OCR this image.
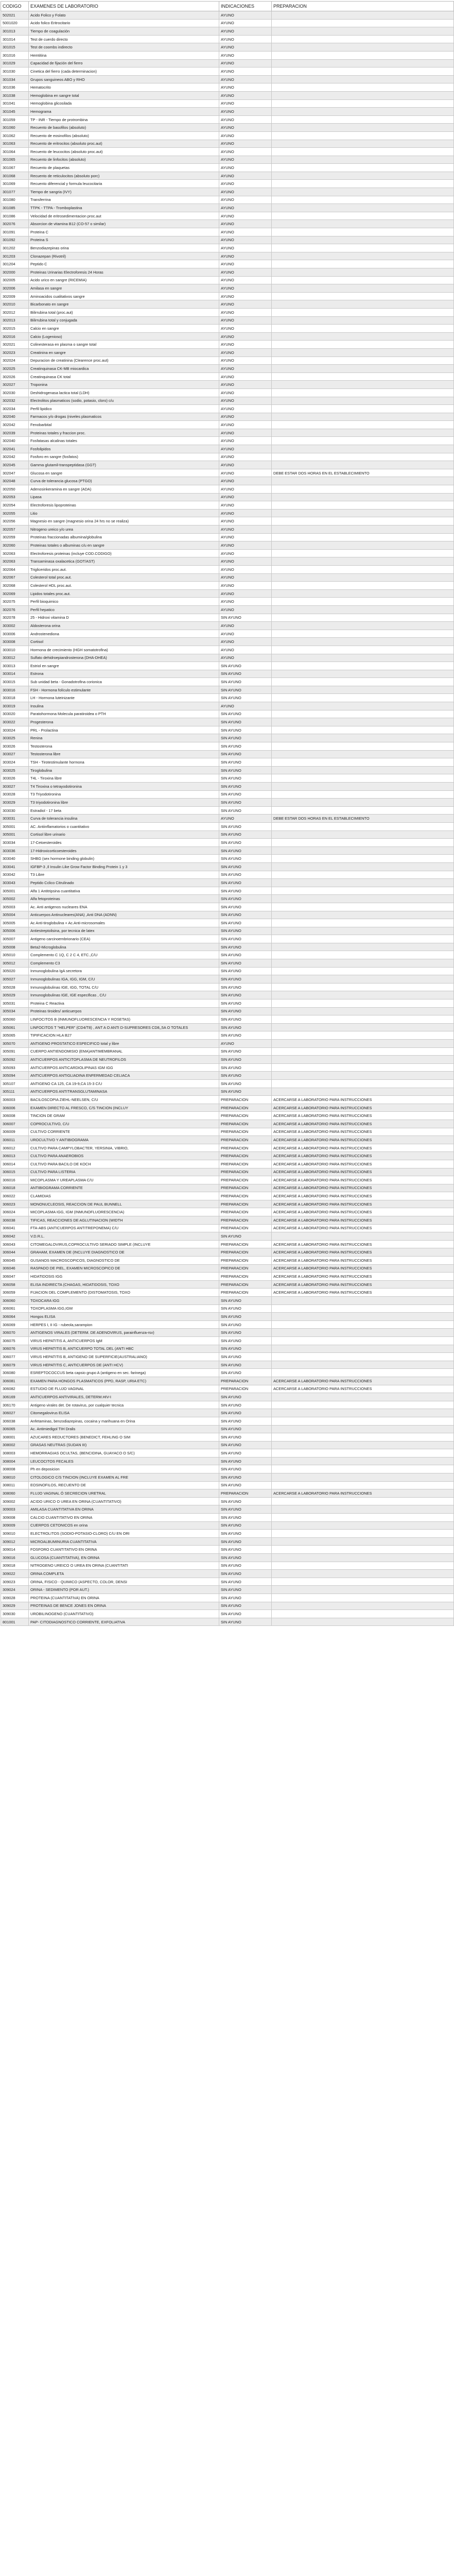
CODIGO	EXAMENES DE LABORATORIO	INDICACIONES	PREPARACION
502021	Acido Folico y Folato	AYUNO	
5001020	Acido folico Eritrocitario	AYUNO	
301013	Tiempo de coagulación	AYUNO	
301014	Test de cuerdo directo	AYUNO	
301015	Test de coombs indirecto	AYUNO	
301016	Hemtitina	AYUNO	
301029	Capacidad de fijación del fierro	AYUNO	
301030	Cinetica del fierro (cada determinacion)	AYUNO	
301034	Grupos sanguineos ABO y RHO	AYUNO	
301036	Hematocrito	AYUNO	
301038	Hemoglobina en sangre total	AYUNO	
301041	Hemoglobina glicosilada	AYUNO	
301045	Hemograma	AYUNO	
301059	TP - INR - Tiempo de protrombina	AYUNO	
301060	Recuento de basofilos (absoluto)	AYUNO	
301062	Recuento de eosinofilos (absoluto)	AYUNO	
301063	Recuento de eritrocitos (absoluto proc.aut)	AYUNO	
301064	Recuento de leucocitos (absoluto proc.aut)	AYUNO	
301065	Recuento de linfocitos (absoluto)	AYUNO	
301067	Recuento de plaquetas	AYUNO	
301068	Recuento de reticulocitos (absoluto porc)	AYUNO	
301069	Recuento diferencial y formula leucocitaria	AYUNO	
301077	Tiempo de sangria (IVY)	AYUNO	
301080	Transferrina	AYUNO	
301085	TTPK - TTPA - Tromboplastina	AYUNO	
301086	Velocidad de eritrosedimentacion proc.aut	AYUNO	
302076	Absorcion de vitamina B12 (CO-57 o similar)	AYUNO	
301091	Proteina C	AYUNO	
301092	Proteina S	AYUNO	
301202	Benzodiazepinas orina	AYUNO	
301203	Clonazepan (Rivotril)	AYUNO	
301204	Peptido C	AYUNO	
302000	Proteinas Urinarias Electroforesis 24 Horas	AYUNO	
302005	Acido urico en sangre (RICEMIA)	AYUNO	
302006	Amilasa en sangre	AYUNO	
302009	Aminoacidos cualitativos sangre	AYUNO	
302010	Bicarbonato en sangre	AYUNO	
302012	Bilirrubina total (proc.aut)	AYUNO	
302013	Bilirrubina total y conjugada	AYUNO	
302015	Calcio en sangre	AYUNO	
302016	Calcio (Logenioso)	AYUNO	
302021	Colinesterasa en plasma o sangre total	AYUNO	
302023	Creatinina en sangre	AYUNO	
302024	Depuracion de creatinina (Clearence proc.aut)	AYUNO	
302025	Creatinquinasa CK-MB miocardica	AYUNO	
302026	Creatinquinasa CK total	AYUNO	
302027	Troponina	AYUNO	
302030	Deshidrogenasa lactica total (LDH)	AYUNO	
302032	Electrolitos plasmaticos (sodio, potasio, cloro) c/u	AYUNO	
302034	Perfil lipidico	AYUNO	
302040	Farmacos y/o drogas (niveles plasmaticos	AYUNO	
302042	Fenobarbital	AYUNO	
302039	Proteinas totales y fraccion proc.	AYUNO	
302040	Fosfatasas alcalinas totales	AYUNO	
302041	Fosfolipidos	AYUNO	
302042	Fosforo en sangre (fosfatos)	AYUNO	
302045	Gamma glutamil-transpeptidasa (GGT)	AYUNO	
302047	Glucosa en sangre	AYUNO	DEBE ESTAR DOS HORAS EN EL ESTABLECIMIENTO
302048	Curva de tolerancia glucosa (PTGO)	AYUNO	
302050	Adenosinkeramina en sangre (ADA)	AYUNO	
302053	Lipasa	AYUNO	
302054	Electroforesis lipoproteinas	AYUNO	
302055	Litio	AYUNO	
302056	Magnesio en sangre (magnesio orina 24 hrs no se realiza)	AYUNO	
302057	Nitrogeno ureico y/o urea	AYUNO	
302059	Proteinas fraccionadas albumina/globulina	AYUNO	
302060	Proteinas totales o albuminas c/u en sangre	AYUNO	
302063	Electroforesis proteinas (incluye COD.CODIGO)	AYUNO	
302063	Transaminasa oxalacetica (GOT/AST)	AYUNO	
302064	Trigliceridos proc.aut.	AYUNO	
302067	Colesterol total proc.aut.	AYUNO	
302068	Colesterol HDL proc.aut.	AYUNO	
302069	Lipidos totales proc.aut.	AYUNO	
302075	Perfil bioquimico	AYUNO	
302076	Perfil hepatico	AYUNO	
302078	25 - Hidroxi vitamina D	SIN AYUNO	
303002	Aldosterona orina	AYUNO	
303006	Androstenediona	AYUNO	
303008	Cortisol	AYUNO	
303010	Hormona de crecimiento (HGH somatotrofina)	AYUNO	
303012	Sulfato dehidroepiandrosterona (DHA-DHEA)	AYUNO	
303013	Estriol en sangre	SIN AYUNO	
303014	Estrona	SIN AYUNO	
303015	Sub unidad beta - Gonadotrofina corionica	SIN AYUNO	
303016	FSH - Hormona folículo estimulante	SIN AYUNO	
303018	LH - Hormona luteinizante	SIN AYUNO	
303019	Insulina	AYUNO	
303020	Paratohormona Molecula paratiroidea o PTH	SIN AYUNO	
303022	Progesterona	SIN AYUNO	
303024	PRL - Prolactina	SIN AYUNO	
303025	Renina	SIN AYUNO	
303026	Testosterona	SIN AYUNO	
303027	Testosterona libre	SIN AYUNO	
303024	TSH - Tirotestimulante hormona	SIN AYUNO	
303025	Tiroglobulina	SIN AYUNO	
303026	T4L - Tiroxina libre	SIN AYUNO	
303027	T4 Tiroxina o tetrayodotironina	SIN AYUNO	
303028	T3 Triyodotironina	SIN AYUNO	
303029	T3 triyodotironina libre	SIN AYUNO	
303030	Estradiol - 17 beta	SIN AYUNO	
303031	Curva de tolerancia insulina	AYUNO	DEBE ESTAR DOS HORAS EN EL ESTABLECIMIENTO
305001	AC. Antiinflamatorios o cuantitativo	SIN AYUNO	
305001	Cortisol libre urinario	SIN AYUNO	
303034	17-Cetoesteroides	SIN AYUNO	
303036	17-Hidroxicorticoesteroides	SIN AYUNO	
303040	SHBG (sex hormone binding globulin)	SIN AYUNO	
303041	IGFBP-3 ,Il Insulin Like Grow Factor Binding Protein 1 y 3	SIN AYUNO	
303042	T3 Libre	SIN AYUNO	
303043	Peptido Cclico Citrulinado	SIN AYUNO	
305001	Alfa 1 Antitripsina cuantitativa	SIN AYUNO	
305002	Alfa fetoproteinas	SIN AYUNO	
305003	Ac. Anti antigenos nucleares ENA	SIN AYUNO	
305004	Anticuerpos Antinucleares(ANA) ,Anti DNA (ADNN)	SIN AYUNO	
305005	Ac Anti-tiroglobulina + Ac.Anti-microsomales	SIN AYUNO	
305006	Antiestreptolisina, por tecnica de latex	SIN AYUNO	
305007	Antigeno carcinoembrionario (CEA)	SIN AYUNO	
305008	Beta2-Microglobulina	SIN AYUNO	
305010	Complemento C 1Q, C 2 C 4, ETC.,C/U	SIN AYUNO	
305012	Complemento C3	SIN AYUNO	
305020	Inmunoglobulina IgA secretora	SIN AYUNO	
305027	Inmunoglobulinas IGA, IGG, IGM, C/U	SIN AYUNO	
305028	Inmunoglobulinas IGE, IGG, TOTAL C/U	SIN AYUNO	
305029	Inmunoglobulinas IGE, IGE especificas , C/U	SIN AYUNO	
305031	Proteina C Reactiva	SIN AYUNO	
305034	Proteinas tiroides/ anticuerpos	SIN AYUNO	
305060	LINFOCITOS B (INMUNOFLUORESCENCIA Y ROSETAS)	SIN AYUNO	
305061	LINFOCITOS T "HELPER" (CD4/T8) , ANT A O ANTI D-SUPRESORES CD8,,5A O TOTALES	SIN AYUNO	
305065	TIPIFICACION HLA B27	SIN AYUNO	
305070	ANTIGENO PROSTATICO ESPECIFICO total y libre	AYUNO	
305091	CUERPO ANTIENDOMISIO (EMA)ANTIMEMBRANAL	SIN AYUNO	
305092	ANTICUERPOS ANTICITOPLASMA DE NEUTROFILOS	SIN AYUNO	
305093	ANTICUERPOS ANTICARDIOLIPINAS IGM IGG	SIN AYUNO	
305094	ANTICUERPOS ANTIGLIADINA ENFERMEDAD CELIACA	SIN AYUNO	
305107	ANTIGENO CA 125, CA 19-9,CA 15-3 C/U	SIN AYUNO	
305111	ANTICUERPOS ANTITRANSGLUTAMINASA	SIN AYUNO	
306003	BACILOSCOPIA ZIEHL-NEELSEN, C/U	PREPARACION	ACERCARSE A LABORATORIO PARA INSTRUCCIONES
306006	EXAMEN DIRECTO AL FRESCO, C/S TINCION (INCLUY	PREPARACION	ACERCARSE A LABORATORIO PARA INSTRUCCIONES
306008	TINCION DE GRAM	PREPARACION	ACERCARSE A LABORATORIO PARA INSTRUCCIONES
306007	COPROCULTIVO, C/U	PREPARACION	ACERCARSE A LABORATORIO PARA INSTRUCCIONES
306009	CULTIVO CORRIENTE	PREPARACION	ACERCARSE A LABORATORIO PARA INSTRUCCIONES
306011	UROCULTIVO Y ANTIBIOGRAMA	PREPARACION	ACERCARSE A LABORATORIO PARA INSTRUCCIONES
306012	CULTIVO PARA CAMPYLOBACTER, YERSINIA, VIBRIO,	PREPARACION	ACERCARSE A LABORATORIO PARA INSTRUCCIONES
306013	CULTIVO PARA ANAEROBIOS	PREPARACION	ACERCARSE A LABORATORIO PARA INSTRUCCIONES
306014	CULTIVO PARA BACILO DE KOCH	PREPARACION	ACERCARSE A LABORATORIO PARA INSTRUCCIONES
306015	CULTIVO PARA LISTERIA	PREPARACION	ACERCARSE A LABORATORIO PARA INSTRUCCIONES
306016	MICOPLASMA Y UREAPLASMA C/U	PREPARACION	ACERCARSE A LABORATORIO PARA INSTRUCCIONES
306018	ANTIBIOGRAMA CORRIENTE	PREPARACION	ACERCARSE A LABORATORIO PARA INSTRUCCIONES
306022	CLAMIDIAS	PREPARACION	ACERCARSE A LABORATORIO PARA INSTRUCCIONES
306023	MONONUCLEOSIS, REACCION DE PAUL BUNNELL	PREPARACION	ACERCARSE A LABORATORIO PARA INSTRUCCIONES
306024	MICOPLASMA IGG, IGM (INMUNOFLUORESCENCIA)	PREPARACION	ACERCARSE A LABORATORIO PARA INSTRUCCIONES
306038	TIFICAS, REACCIONES DE AGLUTINACION (WIDTH	PREPARACION	ACERCARSE A LABORATORIO PARA INSTRUCCIONES
306041	FTA-ABS (ANTICUERPOS ANTITREPONEMA) C/U	PREPARACION	ACERCARSE A LABORATORIO PARA INSTRUCCIONES
306042	V.D.R.L.	SIN AYUNO	
306043	CITOMEGALOVIRUS,COPROCULTIVO SERIADO SIMPLE (INCLUYE	PREPARACION	ACERCARSE A LABORATORIO PARA INSTRUCCIONES
306044	GRAHAM, EXAMEN DE (INCLUYE DIAGNOSTICO DE	PREPARACION	ACERCARSE A LABORATORIO PARA INSTRUCCIONES
306045	GUSANOS MACROSCOPICOS, DIAGNOSTICO DE	PREPARACION	ACERCARSE A LABORATORIO PARA INSTRUCCIONES
306046	RASPADO DE PIEL, EXAMEN MICROSCOPICO DE	PREPARACION	ACERCARSE A LABORATORIO PARA INSTRUCCIONES
306047	HIDATIDOSIS IGG	PREPARACION	ACERCARSE A LABORATORIO PARA INSTRUCCIONES
306058	ELISA INDIRECTA (CHAGAS, HIDATIDOSIS, TOXO	PREPARACION	ACERCARSE A LABORATORIO PARA INSTRUCCIONES
306059	FIJACION DEL COMPLEMENTO (DISTOMATOSIS, TOXO	PREPARACION	ACERCARSE A LABORATORIO PARA INSTRUCCIONES
306060	TOXOCARA IGG	SIN AYUNO	
306061	TOXOPLASMA IGG,IGM	SIN AYUNO	
306064	Hongos ELISA	SIN AYUNO	
306069	HERPES I, II IG - rubeola,sarampion	SIN AYUNO	
306070	ANTIGENOS VIRALES (DETERM. DE ADENOVIRUS, parainfluenza-rsv)	SIN AYUNO	
306075	VIRUS HEPATITIS A, ANTICUERPOS IgM	SIN AYUNO	
306076	VIRUS HEPATITIS B, ANTICUERPO TOTAL DEL (ANTI HBC	SIN AYUNO	
306077	VIRUS HEPATITIS B, ANTIGENO DE SUPERFICIE(AUSTRALIANO)	SIN AYUNO	
306079	VIRUS HEPATITIS C, ANTICUERPOS DE (ANTI HCV)	SIN AYUNO	
306080	ESREPTOCOCCUS beta capsio grupo A (antigeno en sec. farinega)	SIN AYUNO	
306081	EXAMEN PARA HONGOS PLASMATICOS (PPD, RASP, URIA ETC)	PREPARACION	ACERCARSE A LABORATORIO PARA INSTRUCCIONES
306082	ESTUDIO DE FLUJO VAGINAL	PREPARACION	ACERCARSE A LABORATORIO PARA INSTRUCCIONES
306169	ANTICUERPOS ANTIVIRALES, DETERM.HIV-I	SIN AYUNO	
306170	Antigeno virales det. De rotavirus, por cualquier tecnica	SIN AYUNO	
306027	Citomegalovirus ELISA	SIN AYUNO	
306038	Anfetaminas, benzodiazepinas, cocaina y marihuana en Orina	SIN AYUNO	
306065	Ac. Antimiedigol TIH Dralis	SIN AYUNO	
308001	AZUCARES REDUCTORES (BENEDICT, FEHLING O SIM	SIN AYUNO	
308002	GRASAS NEUTRAS (SUDAN III)	SIN AYUNO	
308003	HEMORRAGIAS OCULTAS, (BENCIDINA, GUAYACO O S/C)	SIN AYUNO	
308004	LEUCOCITOS FECALES	SIN AYUNO	
308008	Ph en deposicion	SIN AYUNO	
308010	CITOLOGICO C/S TINCION (INCLUYE EXAMEN AL FRE	SIN AYUNO	
308011	EOSINOFILOS, RECUENTO DE	SIN AYUNO	
308060	FLUJO VAGINAL Ó SECRECION URETRAL	PREPARACION	ACERCARSE A LABORATORIO PARA INSTRUCCIONES
309002	ACIDO URICO O UREA EN ORINA (CUANTITATIVO)	SIN AYUNO	
309003	AMILASA CUANTITATIVA EN ORINA	SIN AYUNO	
309008	CALCIO CUANTITATIVO EN ORINA	SIN AYUNO	
309009	CUERPOS CETONICOS en orina	SIN AYUNO	
309010	ELECTROLITOS (SODIO-POTASIO-CLORO) C/U EN ORI	SIN AYUNO	
309012	MICROALBUMINURIA CUANTITATIVA	SIN AYUNO	
309014	FOSFORO CUANTITATIVO EN ORINA	SIN AYUNO	
309016	GLUCOSA (CUANTITATIVA), EN ORINA	SIN AYUNO	
309018	NITROGENO UREICO O UREA EN ORINA (CUANTITATI	SIN AYUNO	
309022	ORINA COMPLETA	SIN AYUNO	
309023	ORINA, FISICO - QUIMICO (ASPECTO, COLOR, DENSI	SIN AYUNO	
309024	ORINA - SEDIMENTO (POR AUT.)	SIN AYUNO	
309028	PROTEINA (CUANTITATIVA) EN ORINA	SIN AYUNO	
309029	PROTEINAS DE BENCE JONES EN ORINA	SIN AYUNO	
309030	UROBILINOGENO (CUANTITATIVO)	SIN AYUNO	
801001	PAP- CITODIAGNOSTICO CORRIENTE, EXFOLIATIVA	SIN AYUNO	
